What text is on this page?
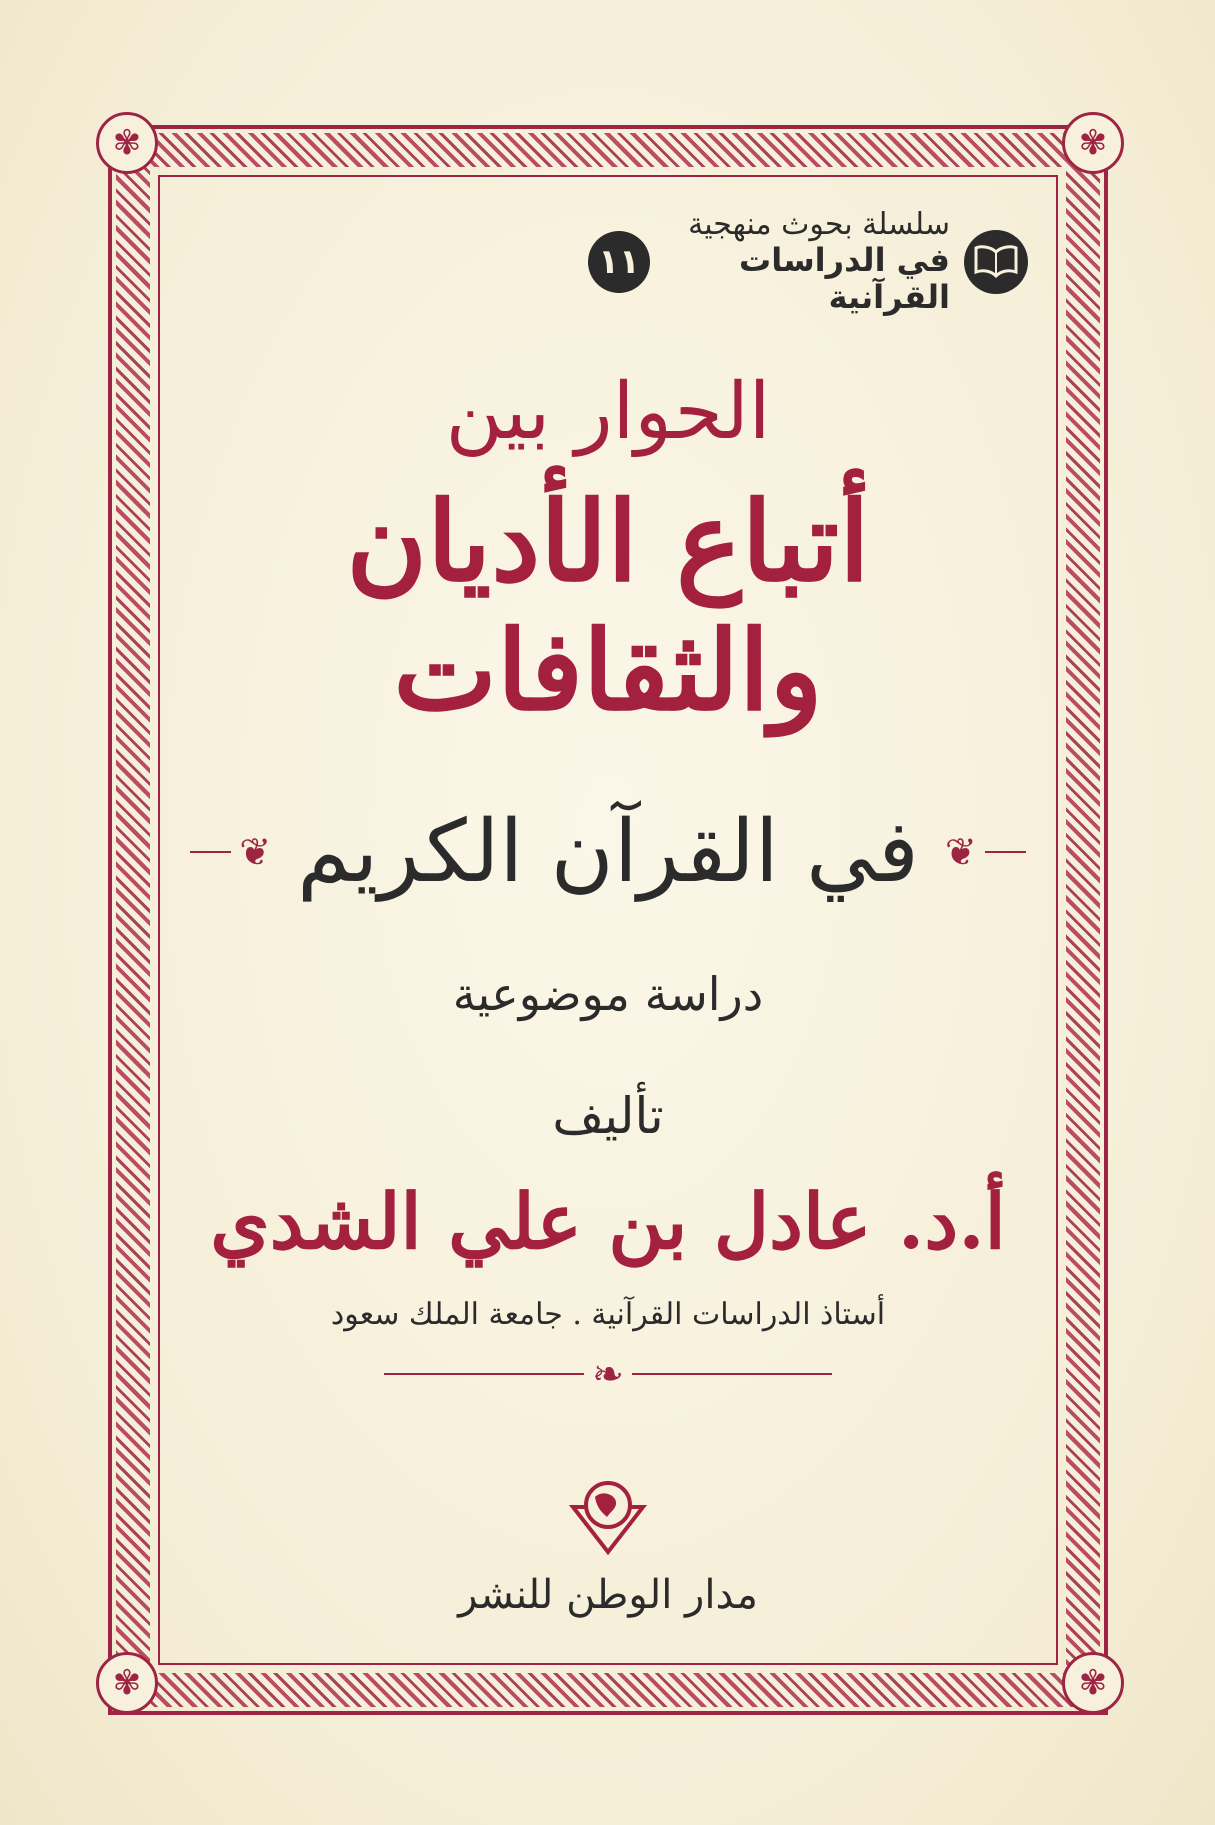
✾	✾
✾	✾
سلسلة بحوث منهجية
في الدراسات القرآنية
١١
الحوار بين
أتباع الأديان والثقافات
❦
في القرآن الكريم
❦
دراسة موضوعية
تأليف
أ.د. عادل بن علي الشدي
أستاذ الدراسات القرآنية . جامعة الملك سعود
❧
مدار الوطن للنشر
